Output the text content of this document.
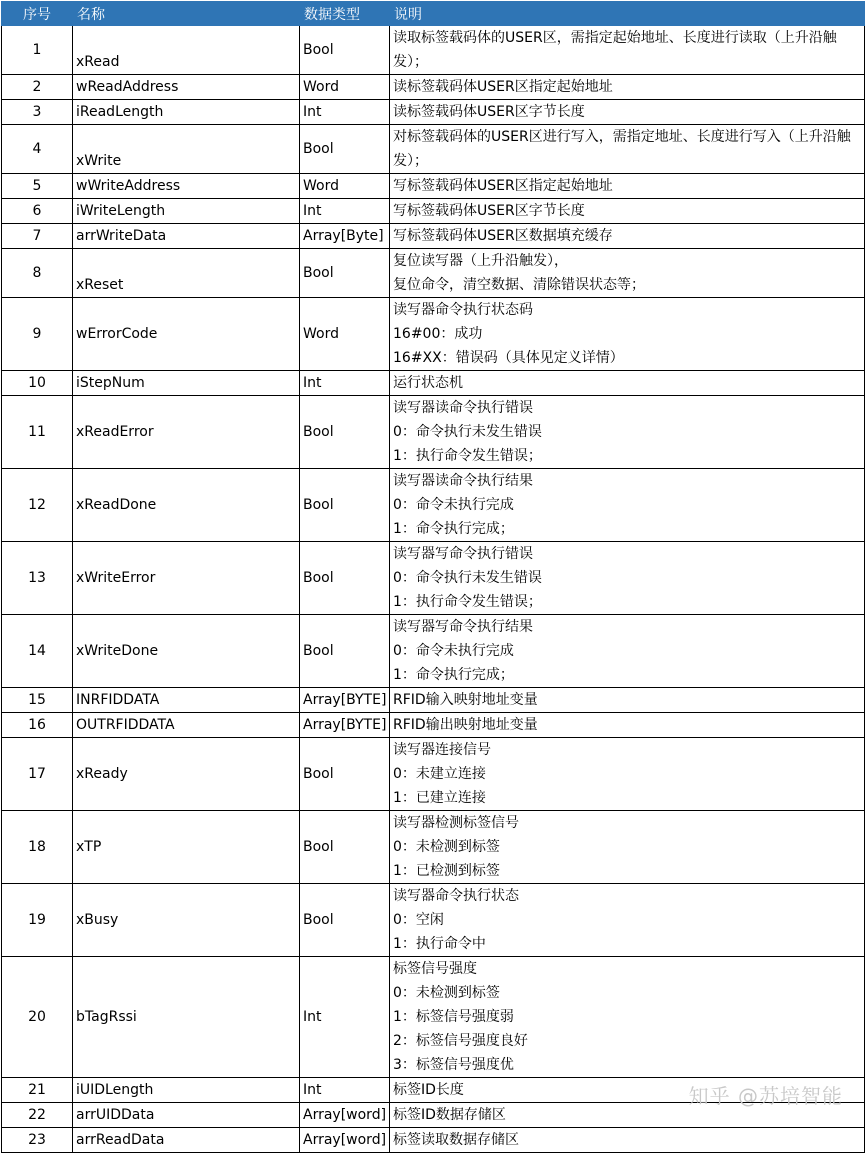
序号	名称	数据类型	说明
1	xRead	Bool	读取标签载码体的USER区，需指定起始地址、长度进行读取（上升沿触发）；

2	wReadAddress	Word	读标签载码体USER区指定起始地址

3	iReadLength	Int	读标签载码体USER区字节长度

4	xWrite	Bool	对标签载码体的USER区进行写入，需指定地址、长度进行写入（上升沿触发）；

5	wWriteAddress	Word	写标签载码体USER区指定起始地址

6	iWriteLength	Int	写标签载码体USER区字节长度

7	arrWriteData	Array[Byte]	写标签载码体USER区数据填充缓存

8	xReset	Bool	复位读写器（上升沿触发），
复位命令，清空数据、清除错误状态等；

9	wErrorCode	Word	读写器命令执行状态码
16#00：成功
16#XX：错误码（具体见定义详情）

10	iStepNum	Int	运行状态机

11	xReadError	Bool	读写器读命令执行错误
0：命令执行未发生错误
1：执行命令发生错误；

12	xReadDone	Bool	读写器读命令执行结果
0：命令未执行完成
1：命令执行完成；

13	xWriteError	Bool	读写器写命令执行错误
0：命令执行未发生错误
1：执行命令发生错误；

14	xWriteDone	Bool	读写器写命令执行结果
0：命令未执行完成
1：命令执行完成；

15	INRFIDDATA	Array[BYTE]	RFID输入映射地址变量

16	OUTRFIDDATA	Array[BYTE]	RFID输出映射地址变量

17	xReady	Bool	读写器连接信号
0：未建立连接
1：已建立连接

18	xTP	Bool	读写器检测标签信号
0：未检测到标签
1：已检测到标签

19	xBusy	Bool	读写器命令执行状态
0：空闲
1：执行命令中

20	bTagRssi	Int	标签信号强度
0：未检测到标签
1：标签信号强度弱
2：标签信号强度良好
3：标签信号强度优

21	iUIDLength	Int	标签ID长度

22	arrUIDData	Array[word]	标签ID数据存储区

23	arrReadData	Array[word]	标签读取数据存储区
知乎 @苏培智能
